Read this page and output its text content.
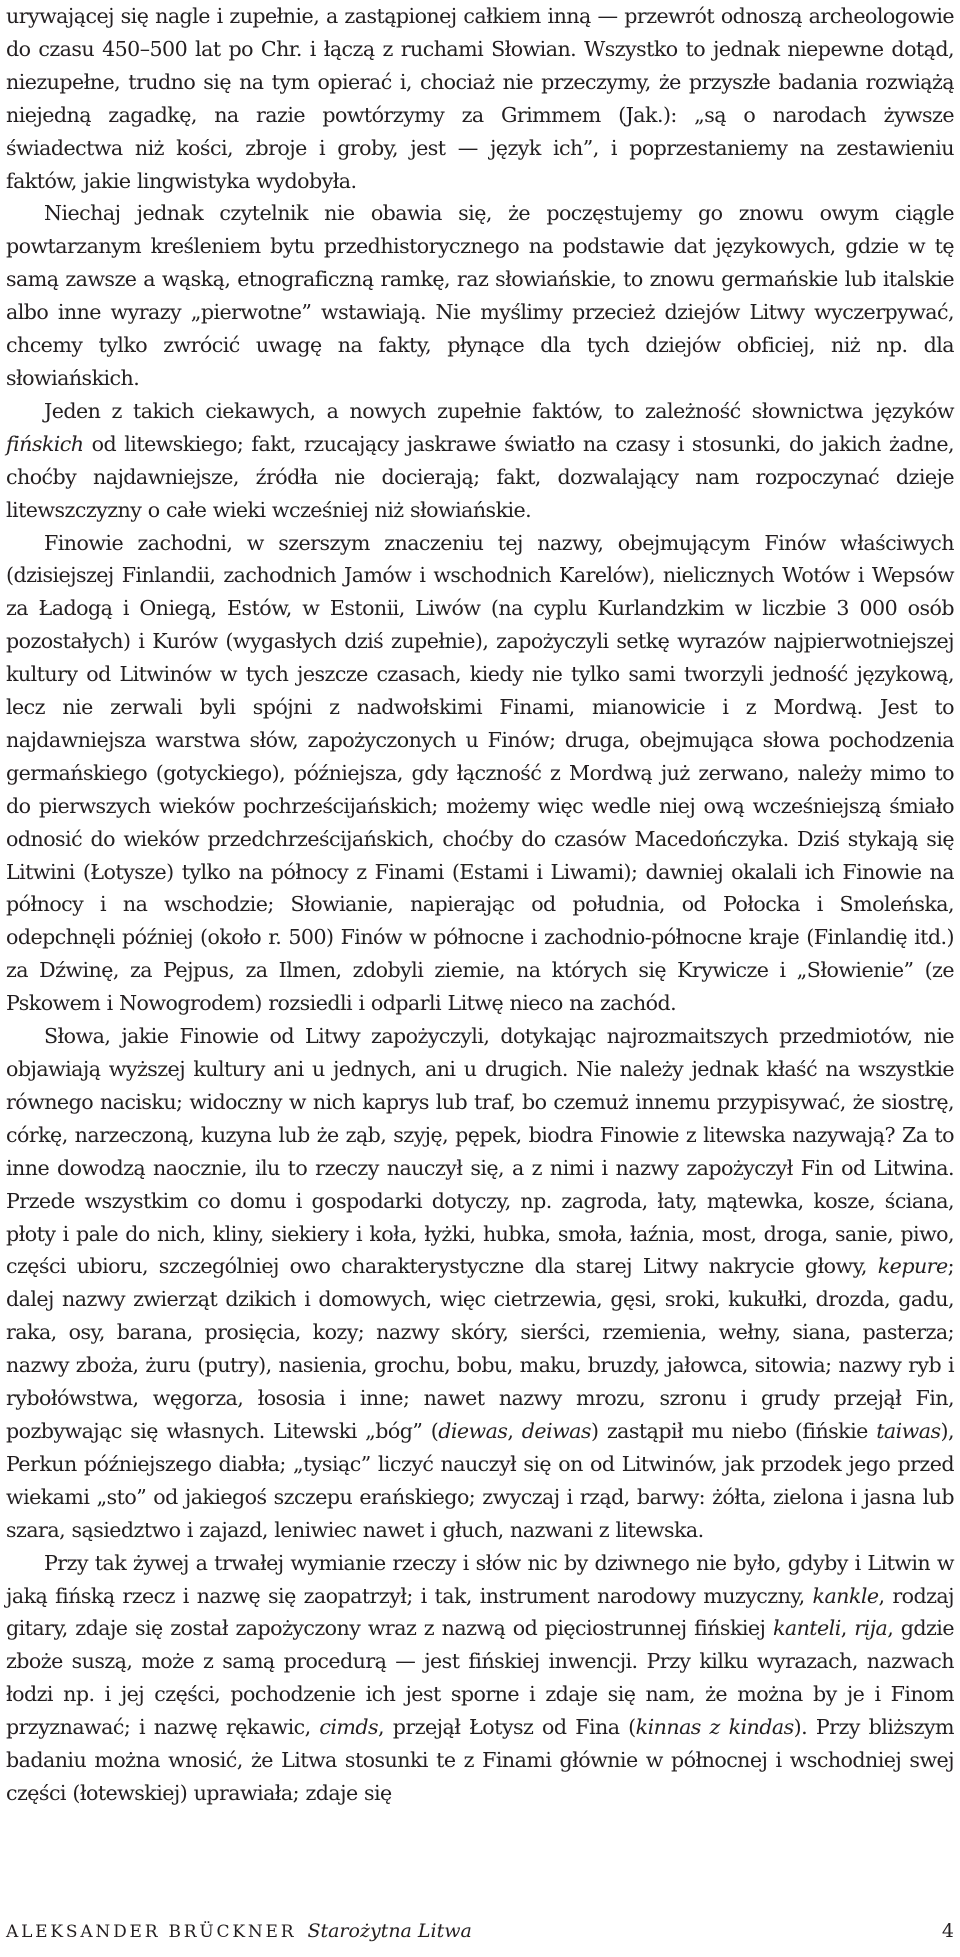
urywającej się nagle i zupełnie, a zastąpionej całkiem inną — przewrót odnoszą archeologowie do czasu 450–500 lat po Chr. i łączą z ruchami Słowian. Wszystko to jednak niepewne dotąd, niezupełne, trudno się na tym opierać i, chociaż nie przeczymy, że przyszłe badania rozwiążą niejedną zagadkę, na razie powtórzymy za Grimmem (Jak.): „są o narodach żywsze świadectwa niż kości, zbroje i groby, jest — język ich”, i poprzestaniemy na zestawieniu faktów, jakie lingwistyka wydobyła.

Niechaj jednak czytelnik nie obawia się, że poczęstujemy go znowu owym ciągle powtarzanym kreśleniem bytu przedhistorycznego na podstawie dat językowych, gdzie w tę samą zawsze a wąską, etnograficzną ramkę, raz słowiańskie, to znowu germańskie lub italskie albo inne wyrazy „pierwotne” wstawiają. Nie myślimy przecież dziejów Litwy wyczerpywać, chcemy tylko zwrócić uwagę na fakty, płynące dla tych dziejów obficiej, niż np. dla słowiańskich.

Jeden z takich ciekawych, a nowych zupełnie faktów, to zależność słownictwa języków fińskich od litewskiego; fakt, rzucający jaskrawe światło na czasy i stosunki, do jakich żadne, choćby najdawniejsze, źródła nie docierają; fakt, dozwalający nam rozpoczynać dzieje litewszczyzny o całe wieki wcześniej niż słowiańskie.

Finowie zachodni, w szerszym znaczeniu tej nazwy, obejmującym Finów właściwych (dzisiejszej Finlandii, zachodnich Jamów i wschodnich Karelów), nielicznych Wotów i Wepsów za Ładogą i Oniegą, Estów, w Estonii, Liwów (na cyplu Kurlandzkim w liczbie 3 000 osób pozostałych) i Kurów (wygasłych dziś zupełnie), zapożyczyli setkę wyrazów najpierwotniejszej kultury od Litwinów w tych jeszcze czasach, kiedy nie tylko sami tworzyli jedność językową, lecz nie zerwali byli spójni z nadwołskimi Finami, mianowicie i z Mordwą. Jest to najdawniejsza warstwa słów, zapożyczonych u Finów; druga, obejmująca słowa pochodzenia germańskiego (gotyckiego), późniejsza, gdy łączność z Mordwą już zerwano, należy mimo to do pierwszych wieków pochrześcijańskich; możemy więc wedle niej ową wcześniejszą śmiało odnosić do wieków przedchrześcijańskich, choćby do czasów Macedończyka. Dziś stykają się Litwini (Łotysze) tylko na północy z Finami (Estami i Liwami); dawniej okalali ich Finowie na północy i na wschodzie; Słowianie, napierając od południa, od Połocka i Smoleńska, odepchnęli później (około r. 500) Finów w północne i zachodnio-północne kraje (Finlandię itd.) za Dźwinę, za Pejpus, za Ilmen, zdobyli ziemie, na których się Krywicze i „Słowienie” (ze Pskowem i Nowogrodem) rozsiedli i odparli Litwę nieco na zachód.

Słowa, jakie Finowie od Litwy zapożyczyli, dotykając najrozmaitszych przedmiotów, nie objawiają wyższej kultury ani u jednych, ani u drugich. Nie należy jednak kłaść na wszystkie równego nacisku; widoczny w nich kaprys lub traf, bo czemuż innemu przypisywać, że siostrę, córkę, narzeczoną, kuzyna lub że ząb, szyję, pępek, biodra Finowie z litewska nazywają? Za to inne dowodzą naocznie, ilu to rzeczy nauczył się, a z nimi i nazwy zapożyczył Fin od Litwina. Przede wszystkim co domu i gospodarki dotyczy, np. zagroda, łaty, mątewka, kosze, ściana, płoty i pale do nich, kliny, siekiery i koła, łyżki, hubka, smoła, łaźnia, most, droga, sanie, piwo, części ubioru, szczególniej owo charakterystyczne dla starej Litwy nakrycie głowy, kepure; dalej nazwy zwierząt dzikich i domowych, więc cietrzewia, gęsi, sroki, kukułki, drozda, gadu, raka, osy, barana, prosięcia, kozy; nazwy skóry, sierści, rzemienia, wełny, siana, pasterza; nazwy zboża, żuru (putry), nasienia, grochu, bobu, maku, bruzdy, jałowca, sitowia; nazwy ryb i rybołówstwa, węgorza, łososia i inne; nawet nazwy mrozu, szronu i grudy przejął Fin, pozbywając się własnych. Litewski „bóg” (diewas, deiwas) zastąpił mu niebo (fińskie taiwas), Perkun późniejszego diabła; „tysiąc” liczyć nauczył się on od Litwinów, jak przodek jego przed wiekami „sto” od jakiegoś szczepu erańskiego; zwyczaj i rząd, barwy: żółta, zielona i jasna lub szara, sąsiedztwo i zajazd, leniwiec nawet i głuch, nazwani z litewska.

Przy tak żywej a trwałej wymianie rzeczy i słów nic by dziwnego nie było, gdyby i Litwin w jaką fińską rzecz i nazwę się zaopatrzył; i tak, instrument narodowy muzyczny, kankle, rodzaj gitary, zdaje się został zapożyczony wraz z nazwą od pięciostrunnej fińskiej kanteli, rija, gdzie zboże suszą, może z samą procedurą — jest fińskiej inwencji. Przy kilku wyrazach, nazwach łodzi np. i jej części, pochodzenie ich jest sporne i zdaje się nam, że można by je i Finom przyznawać; i nazwę rękawic, cimds, przejął Łotysz od Fina (kinnas z kindas). Przy bliższym badaniu można wnosić, że Litwa stosunki te z Finami głównie w północnej i wschodniej swej części (łotewskiej) uprawiała; zdaje się

ALEKSANDER BRÜCKNER Starożytna Litwa	4
